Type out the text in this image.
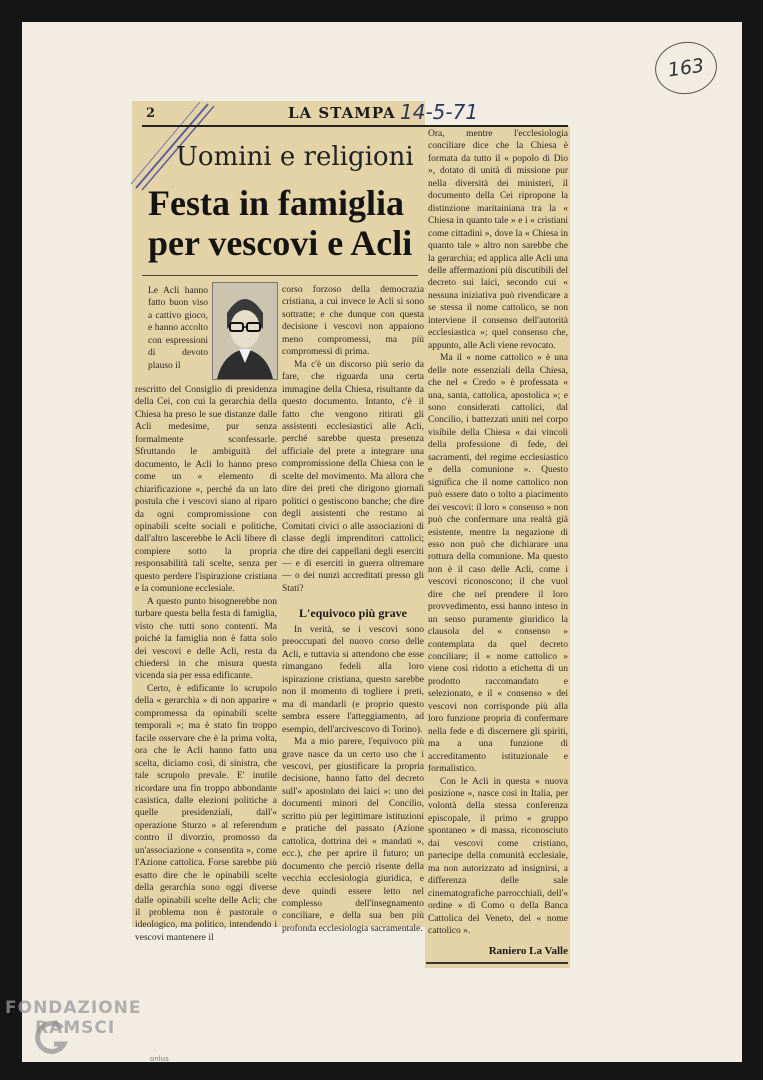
163
2	LA STAMPA 14-5-71
Uomini e religioni
Festa in famiglia per vescovi e Acli

Le Acli hanno fatto buon viso a cattivo gioco, e hanno accolto con espressioni di devoto plauso il

rescritto del Consiglio di presidenza della Cei, con cui la gerarchia della Chiesa ha preso le sue distanze dalle Acli medesime, pur senza formalmente sconfessarle. Sfruttando le ambiguità del documento, le Acli lo hanno preso come un « elemento di chiarificazione », perché da un lato postula che i vescovi siano al riparo da ogni compromissione con opinabili scelte sociali e politiche, dall'altro lascerebbe le Acli libere di compiere sotto la propria responsabilità tali scelte, senza per questo perdere l'ispirazione cristiana e la comunione ecclesiale.

A questo punto bisognerebbe non turbare questa bella festa di famiglia, visto che tutti sono contenti. Ma poiché la famiglia non è fatta solo dei vescovi e delle Acli, resta da chiedersi in che misura questa vicenda sia per essa edificante.

Certo, è edificante lo scrupolo della « gerarchia » di non apparire « compromessa da opinabili scelte temporali »; ma è stato fin troppo facile osservare che è la prima volta, ora che le Acli hanno fatto una scelta, diciamo così, di sinistra, che tale scrupolo prevale. E' inutile ricordare una fin troppo abbondante casistica, dalle elezioni politiche a quelle presidenziali, dall'« operazione Sturzo » al referendum contro il divorzio, promosso da un'associazione « consentita », come l'Azione cattolica. Forse sarebbe più esatto dire che le opinabili scelte della gerarchia sono oggi diverse dalle opinabili scelte delle Acli; che il problema non è pastorale o ideologico, ma politico, intendendo i vescovi mantenere il

corso forzoso della democrazia cristiana, a cui invece le Acli si sono sottratte; e che dunque con questa decisione i vescovi non appaiono meno compromessi, ma più compromessi di prima.

Ma c'è un discorso più serio da fare, che riguarda una certa immagine della Chiesa, risultante da questo documento. Intanto, c'è il fatto che vengono ritirati gli assistenti ecclesiastici alle Acli, perché sarebbe questa presenza ufficiale del prete a integrare una compromissione della Chiesa con le scelte del movimento. Ma allora che dire dei preti che dirigono giornali politici o gestiscono banche; che dire degli assistenti che restano ai Comitati civici o alle associazioni di classe degli imprenditori cattolici; che dire dei cappellani degli eserciti — e di eserciti in guerra oltremare — o dei nunzi accreditati presso gli Stati?

L'equivoco più grave

In verità, se i vescovi sono preoccupati del nuovo corso delle Acli, e tuttavia si attendono che esse rimangano fedeli alla loro ispirazione cristiana, questo sarebbe non il momento di togliere i preti, ma di mandarli (e proprio questo sembra essere l'atteggiamento, ad esempio, dell'arcivescovo di Torino).

Ma a mio parere, l'equivoco più grave nasce da un certo uso che i vescovi, per giustificare la propria decisione, hanno fatto del decreto sull'« apostolato dei laici »: uno dei documenti minori del Concilio, scritto più per legittimare istituzioni e pratiche del passato (Azione cattolica, dottrina dei « mandati », ecc.), che per aprire il futuro; un documento che perciò risente della vecchia ecclesiologia giuridica, e deve quindi essere letto nel complesso dell'insegnamento conciliare, e della sua ben più profonda ecclesiologia sacramentale.

Ora, mentre l'ecclesiologia conciliare dice che la Chiesa è formata da tutto il « popolo di Dio », dotato di unità di missione pur nella diversità dei ministeri, il documento della Cei ripropone la distinzione maritainiana tra la « Chiesa in quanto tale » e i « cristiani come cittadini », dove la « Chiesa in quanto tale » altro non sarebbe che la gerarchia; ed applica alle Acli una delle affermazioni più discutibili del decreto sui laici, secondo cui « nessuna iniziativa può rivendicare a se stessa il nome cattolico, se non interviene il consenso dell'autorità ecclesiastica »; quel consenso che, appunto, alle Acli viene revocato.

Ma il « nome cattolico » è una delle note essenziali della Chiesa, che nel « Credo » è professata « una, santa, cattolica, apostolica »; e sono considerati cattolici, dal Concilio, i battezzati uniti nel corpo visibile della Chiesa « dai vincoli della professione di fede, dei sacramenti, del regime ecclesiastico e della comunione ». Questo significa che il nome cattolico non può essere dato o tolto a piacimento dei vescovi: il loro « consenso » non può che confermare una realtà già esistente, mentre la negazione di esso non può che dichiarare una rottura della comunione. Ma questo non è il caso delle Acli, come i vescovi riconoscono; il che vuol dire che nel prendere il loro provvedimento, essi hanno inteso in un senso puramente giuridico la clausola del « consenso » contemplata da quel decreto conciliare; il « nome cattolico » viene così ridotto a etichetta di un prodotto raccomandato e selezionato, e il « consenso » dei vescovi non corrisponde più alla loro funzione propria di confermare nella fede e di discernere gli spiriti, ma a una funzione di accreditamento istituzionale e formalistico.

Con le Acli in questa « nuova posizione », nasce così in Italia, per volontà della stessa conferenza episcopale, il primo « gruppo spontaneo » di massa, riconosciuto dai vescovi come cristiano, partecipe della comunità ecclesiale, ma non autorizzato ad insignirsi, a differenza delle sale cinematografiche parrocchiali, dell'« ordine » di Como o della Banca Cattolica del Veneto, del « nome cattolico ».

Raniero La Valle
FONDAZIONE
RAMSCI
onlus
